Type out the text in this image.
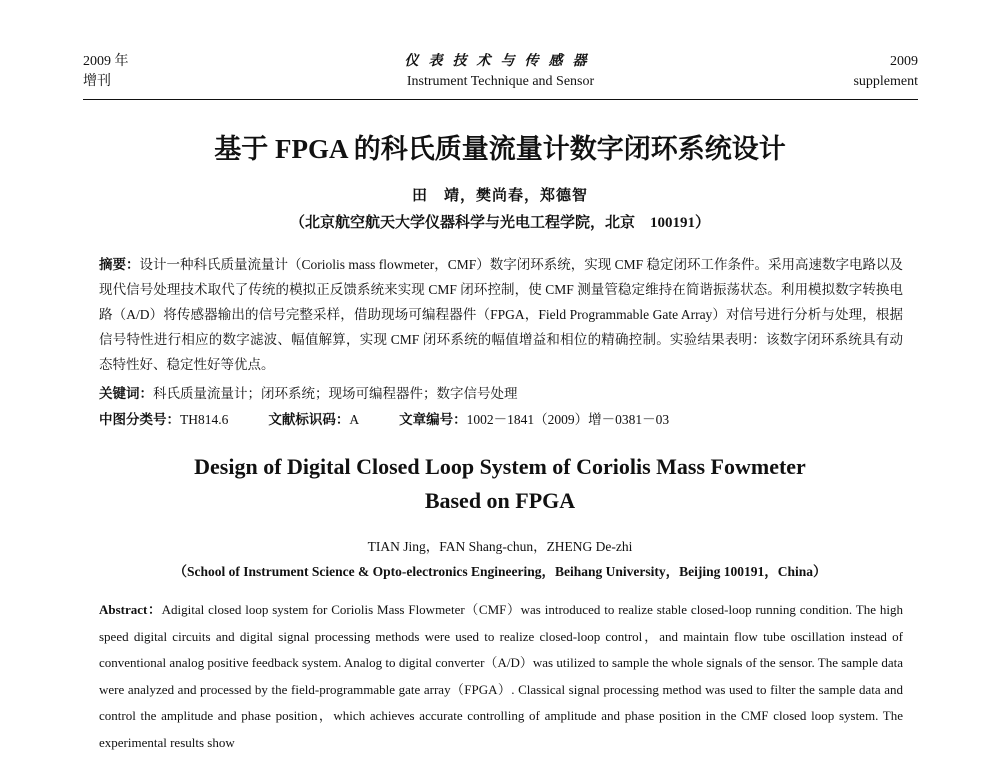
2009 年
增刊
仪表技术与传感器
Instrument Technique and Sensor
2009
supplement
基于 FPGA 的科氏质量流量计数字闭环系统设计
田　靖，樊尚春，郑德智
（北京航空航天大学仪器科学与光电工程学院，北京　100191）
摘要：设计一种科氏质量流量计（Coriolis mass flowmeter，CMF）数字闭环系统，实现 CMF 稳定闭环工作条件。采用高速数字电路以及现代信号处理技术取代了传统的模拟正反馈系统来实现 CMF 闭环控制，使 CMF 测量管稳定维持在简谐振荡状态。利用模拟数字转换电路（A/D）将传感器输出的信号完整采样，借助现场可编程器件（FPGA，Field Programmable Gate Array）对信号进行分析与处理，根据信号特性进行相应的数字滤波、幅值解算，实现 CMF 闭环系统的幅值增益和相位的精确控制。实验结果表明：该数字闭环系统具有动态特性好、稳定性好等优点。
关键词：科氏质量流量计；闭环系统；现场可编程器件；数字信号处理
中图分类号：TH814.6	文献标识码：A	文章编号：1002－1841（2009）增－0381－03
Design of Digital Closed Loop System of Coriolis Mass Fowmeter
Based on FPGA
TIAN Jing，FAN Shang-chun，ZHENG De-zhi
（School of Instrument Science & Opto-electronics Engineering，Beihang University，Beijing 100191，China）
Abstract：Adigital closed loop system for Coriolis Mass Flowmeter（CMF）was introduced to realize stable closed-loop running condition. The high speed digital circuits and digital signal processing methods were used to realize closed-loop control，and maintain flow tube oscillation instead of conventional analog positive feedback system. Analog to digital converter（A/D）was utilized to sample the whole signals of the sensor. The sample data were analyzed and processed by the field-programmable gate array（FPGA）. Classical signal processing method was used to filter the sample data and control the amplitude and phase position，which achieves accurate controlling of amplitude and phase position in the CMF closed loop system. The experimental results show
